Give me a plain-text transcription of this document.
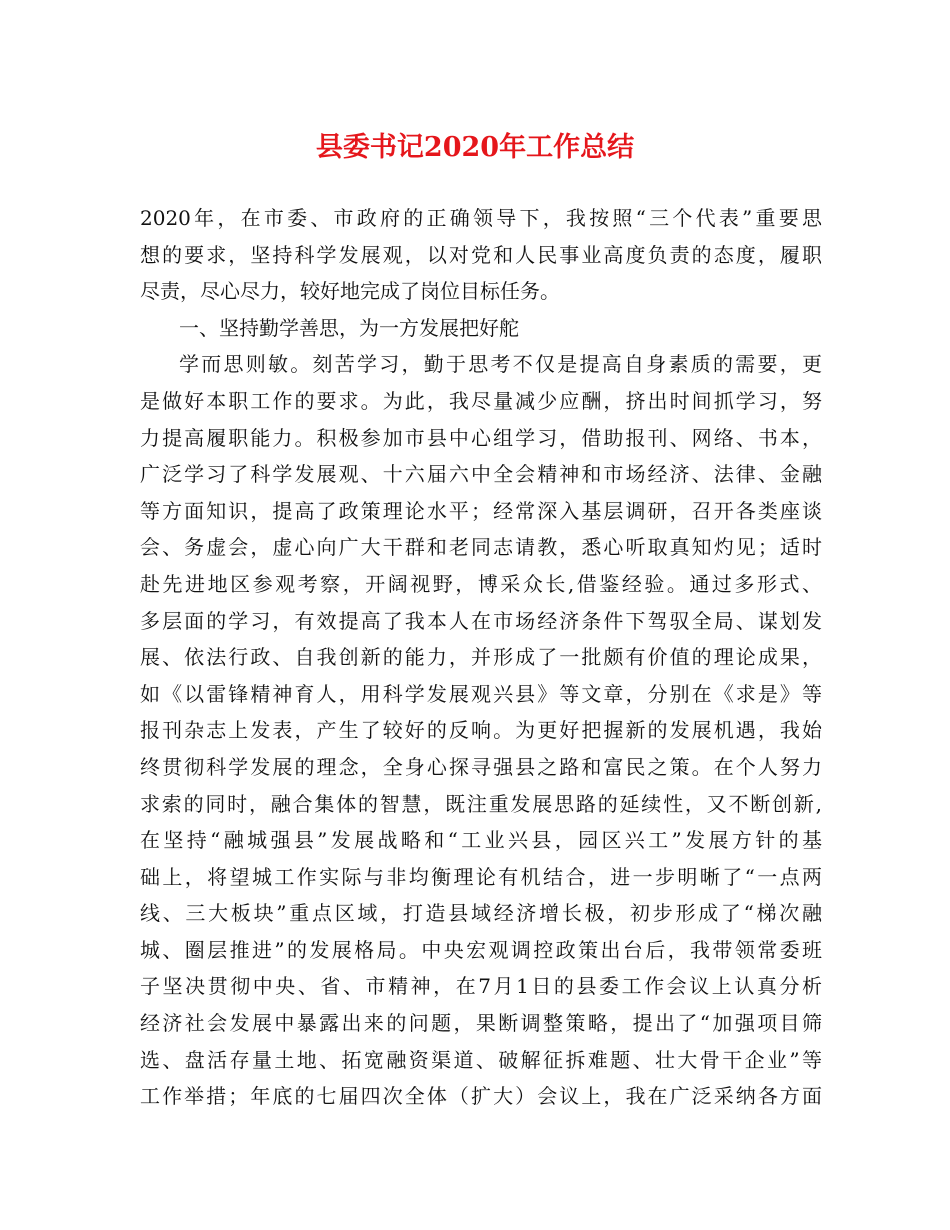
县委书记2020年工作总结
2020年，在市委、市政府的正确领导下，我按照“三个代表”重要思
想的要求，坚持科学发展观，以对党和人民事业高度负责的态度，履职
尽责，尽心尽力，较好地完成了岗位目标任务。
一、坚持勤学善思，为一方发展把好舵
学而思则敏。刻苦学习，勤于思考不仅是提高自身素质的需要，更
是做好本职工作的要求。为此，我尽量减少应酬，挤出时间抓学习，努
力提高履职能力。积极参加市县中心组学习，借助报刊、网络、书本，
广泛学习了科学发展观、十六届六中全会精神和市场经济、法律、金融
等方面知识，提高了政策理论水平；经常深入基层调研，召开各类座谈
会、务虚会，虚心向广大干群和老同志请教，悉心听取真知灼见；适时
赴先进地区参观考察，开阔视野，博采众长,借鉴经验。通过多形式、
多层面的学习，有效提高了我本人在市场经济条件下驾驭全局、谋划发
展、依法行政、自我创新的能力，并形成了一批颇有价值的理论成果，
如《以雷锋精神育人，用科学发展观兴县》等文章，分别在《求是》等
报刊杂志上发表，产生了较好的反响。为更好把握新的发展机遇，我始
终贯彻科学发展的理念，全身心探寻强县之路和富民之策。在个人努力
求索的同时，融合集体的智慧，既注重发展思路的延续性，又不断创新,
在坚持“融城强县”发展战略和“工业兴县，园区兴工”发展方针的基
础上，将望城工作实际与非均衡理论有机结合，进一步明晰了“一点两
线、三大板块”重点区域，打造县域经济增长极，初步形成了“梯次融
城、圈层推进”的发展格局。中央宏观调控政策出台后，我带领常委班
子坚决贯彻中央、省、市精神，在7月1日的县委工作会议上认真分析
经济社会发展中暴露出来的问题，果断调整策略，提出了“加强项目筛
选、盘活存量土地、拓宽融资渠道、破解征拆难题、壮大骨干企业”等
工作举措；年底的七届四次全体（扩大）会议上，我在广泛采纳各方面
